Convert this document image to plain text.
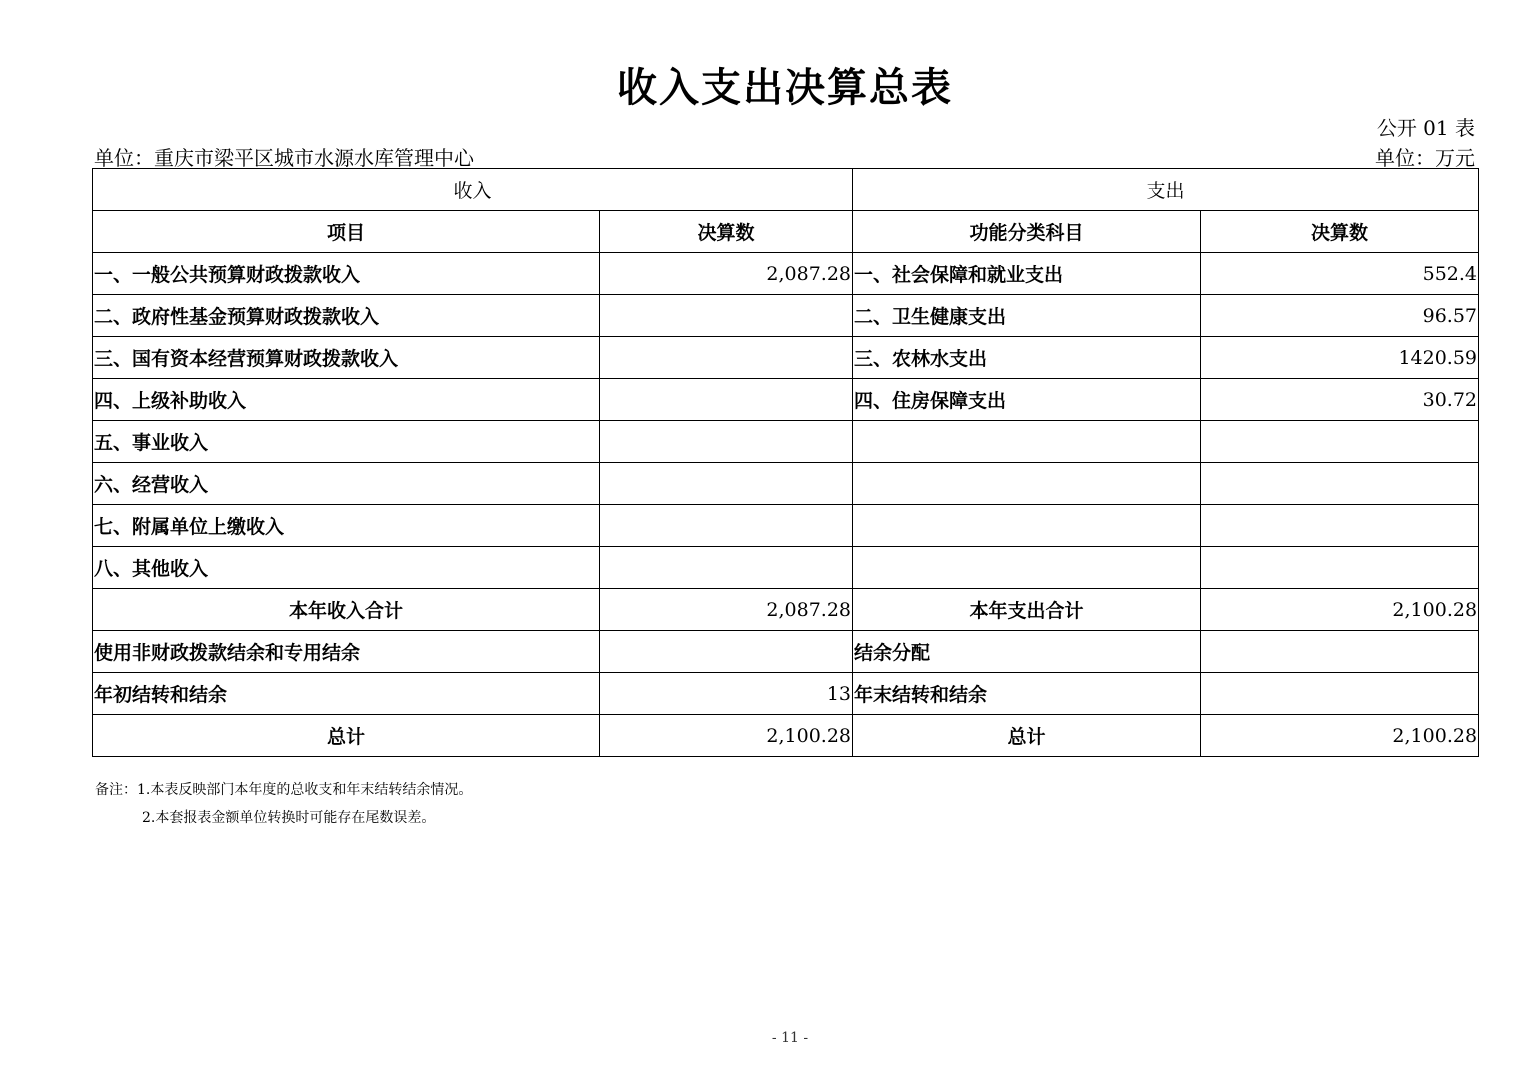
收入支出决算总表
公开 01 表
单位：重庆市梁平区城市水源水库管理中心	单位：万元
收入		支出	
项目	决算数	功能分类科目	决算数
一、一般公共预算财政拨款收入	2,087.28	一、社会保障和就业支出	552.4
二、政府性基金预算财政拨款收入		二、卫生健康支出	96.57
三、国有资本经营预算财政拨款收入		三、农林水支出	1420.59
四、上级补助收入		四、住房保障支出	30.72
五、事业收入			
六、经营收入			
七、附属单位上缴收入			
八、其他收入			
本年收入合计	2,087.28	本年支出合计	2,100.28
使用非财政拨款结余和专用结余		结余分配	
年初结转和结余	13	年末结转和结余	
总计	2,100.28	总计	2,100.28
备注：1.本表反映部门本年度的总收支和年末结转结余情况。
2.本套报表金额单位转换时可能存在尾数误差。
- 11 -
